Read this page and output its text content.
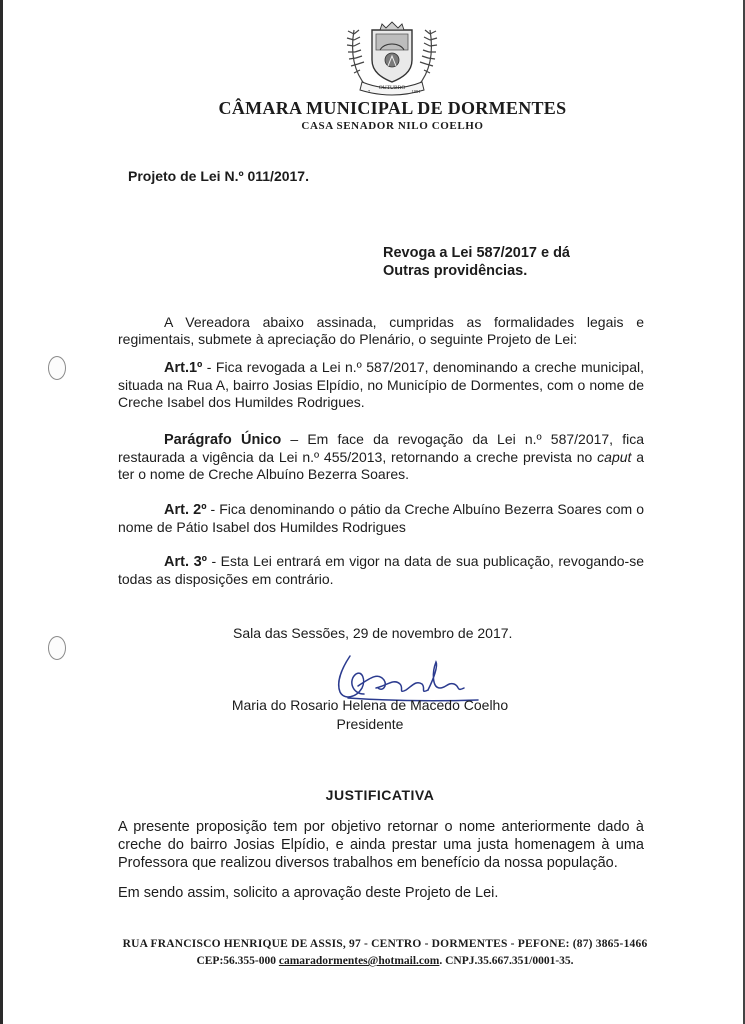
OUTUBRO
7	1991
CÂMARA MUNICIPAL DE DORMENTES
CASA SENADOR NILO COELHO
Projeto de Lei N.º 011/2017.
Revoga a Lei 587/2017 e dá
Outras providências.
A Vereadora abaixo assinada, cumpridas as formalidades legais e regimentais, submete à apreciação do Plenário, o seguinte Projeto de Lei:
Art.1º - Fica revogada a Lei n.º 587/2017, denominando a creche municipal, situada na Rua A, bairro Josias Elpídio, no Município de Dormentes, com o nome de Creche Isabel dos Humildes Rodrigues.
Parágrafo Único – Em face da revogação da Lei n.º 587/2017, fica restaurada a vigência da Lei n.º 455/2013, retornando a creche prevista no caput a ter o nome de Creche Albuíno Bezerra Soares.
Art. 2º - Fica denominando o pátio da Creche Albuíno Bezerra Soares com o nome de Pátio Isabel dos Humildes Rodrigues
Art. 3º - Esta Lei entrará em vigor na data de sua publicação, revogando-se todas as disposições em contrário.
Sala das Sessões, 29 de novembro de 2017.
Maria do Rosario Helena de Macedo Coelho
Presidente
JUSTIFICATIVA
A presente proposição tem por objetivo retornar o nome anteriormente dado à creche do bairro Josias Elpídio, e ainda prestar uma justa homenagem à uma Professora que realizou diversos trabalhos em benefício da nossa população.
Em sendo assim, solicito a aprovação deste Projeto de Lei.
RUA FRANCISCO HENRIQUE DE ASSIS, 97 - CENTRO - DORMENTES - PEFONE: (87) 3865-1466
CEP:56.355-000 camaradormentes@hotmail.com. CNPJ.35.667.351/0001-35.
